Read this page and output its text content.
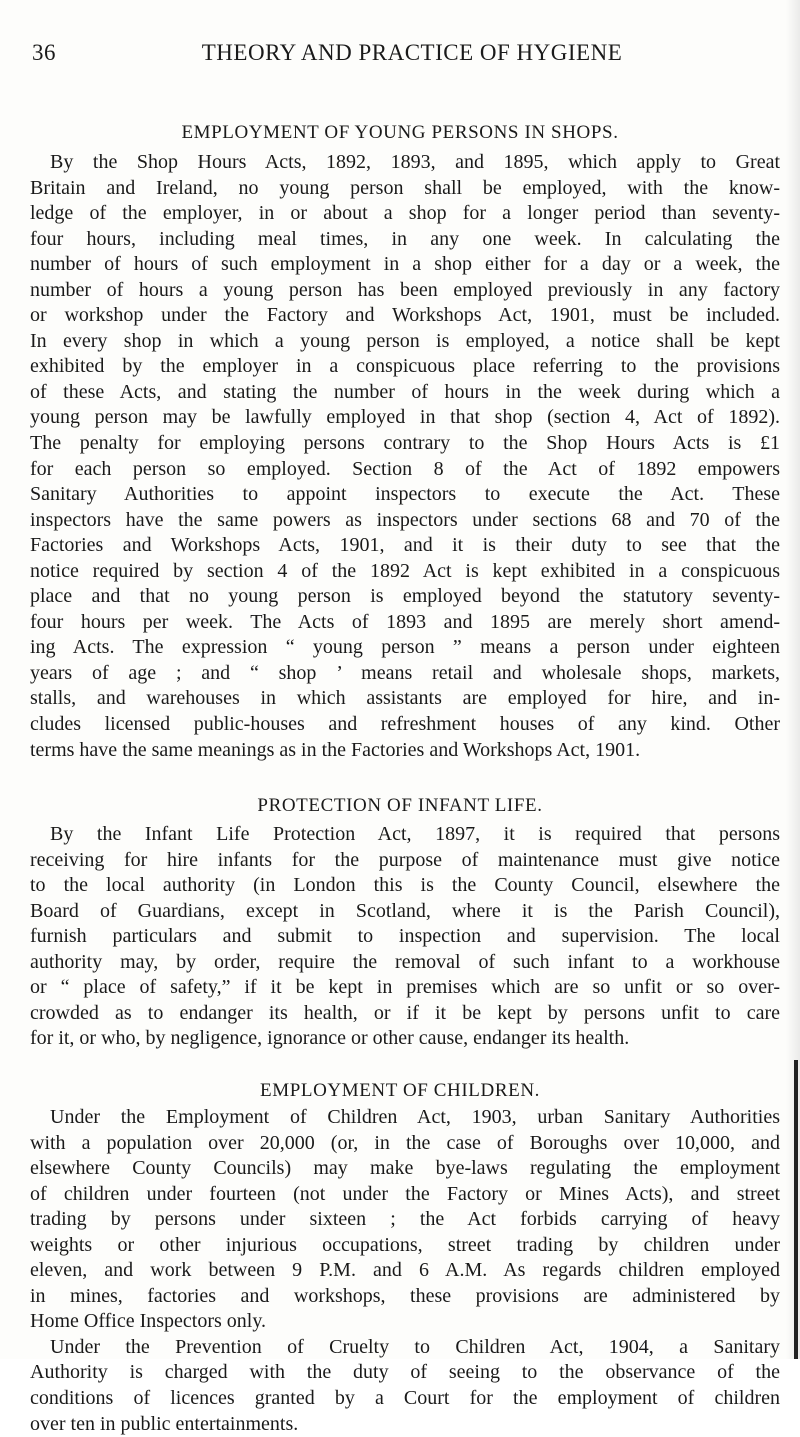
36	THEORY AND PRACTICE OF HYGIENE
EMPLOYMENT OF YOUNG PERSONS IN SHOPS.
By the Shop Hours Acts, 1892, 1893, and 1895, which apply to Great
Britain and Ireland, no young person shall be employed, with the know-
ledge of the employer, in or about a shop for a longer period than seventy-
four hours, including meal times, in any one week. In calculating the
number of hours of such employment in a shop either for a day or a week, the
number of hours a young person has been employed previously in any factory
or workshop under the Factory and Workshops Act, 1901, must be included.
In every shop in which a young person is employed, a notice shall be kept
exhibited by the employer in a conspicuous place referring to the provisions
of these Acts, and stating the number of hours in the week during which a
young person may be lawfully employed in that shop (section 4, Act of 1892).
The penalty for employing persons contrary to the Shop Hours Acts is £1
for each person so employed. Section 8 of the Act of 1892 empowers
Sanitary Authorities to appoint inspectors to execute the Act. These
inspectors have the same powers as inspectors under sections 68 and 70 of the
Factories and Workshops Acts, 1901, and it is their duty to see that the
notice required by section 4 of the 1892 Act is kept exhibited in a conspicuous
place and that no young person is employed beyond the statutory seventy-
four hours per week. The Acts of 1893 and 1895 are merely short amend-
ing Acts. The expression “ young person ” means a person under eighteen
years of age ; and “ shop ’ means retail and wholesale shops, markets,
stalls, and warehouses in which assistants are employed for hire, and in-
cludes licensed public-houses and refreshment houses of any kind. Other
terms have the same meanings as in the Factories and Workshops Act, 1901.
PROTECTION OF INFANT LIFE.
By the Infant Life Protection Act, 1897, it is required that persons
receiving for hire infants for the purpose of maintenance must give notice
to the local authority (in London this is the County Council, elsewhere the
Board of Guardians, except in Scotland, where it is the Parish Council),
furnish particulars and submit to inspection and supervision. The local
authority may, by order, require the removal of such infant to a workhouse
or “ place of safety,” if it be kept in premises which are so unfit or so over-
crowded as to endanger its health, or if it be kept by persons unfit to care
for it, or who, by negligence, ignorance or other cause, endanger its health.
EMPLOYMENT OF CHILDREN.
Under the Employment of Children Act, 1903, urban Sanitary Authorities
with a population over 20,000 (or, in the case of Boroughs over 10,000, and
elsewhere County Councils) may make bye-laws regulating the employment
of children under fourteen (not under the Factory or Mines Acts), and street
trading by persons under sixteen ; the Act forbids carrying of heavy
weights or other injurious occupations, street trading by children under
eleven, and work between 9 P.M. and 6 A.M. As regards children employed
in mines, factories and workshops, these provisions are administered by
Home Office Inspectors only.
Under the Prevention of Cruelty to Children Act, 1904, a Sanitary
Authority is charged with the duty of seeing to the observance of the
conditions of licences granted by a Court for the employment of children
over ten in public entertainments.
